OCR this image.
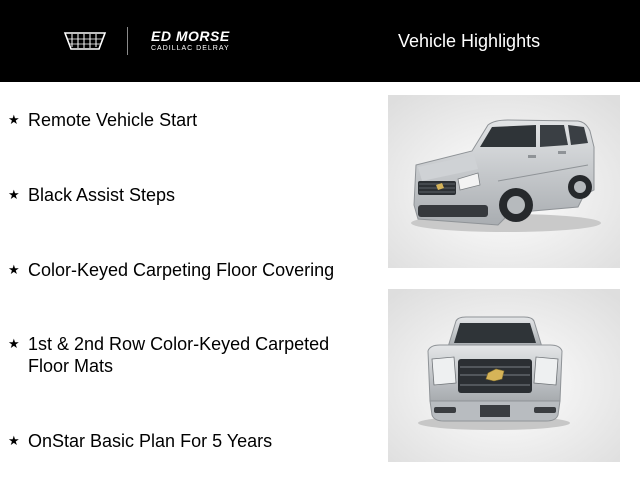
ED MORSE
CADILLAC DELRAY	Vehicle Highlights
★ Remote Vehicle Start
★ Black Assist Steps
★ Color-Keyed Carpeting Floor Covering
★ 1st & 2nd Row Color-Keyed Carpeted Floor Mats
★ OnStar Basic Plan For 5 Years
